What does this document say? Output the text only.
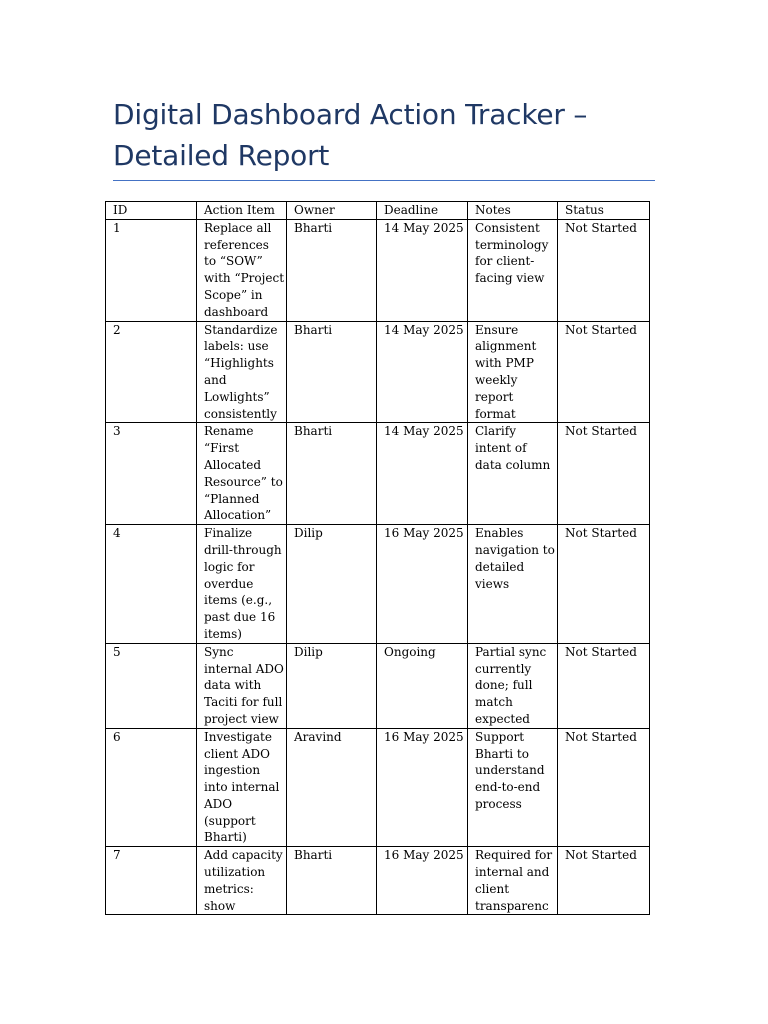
Digital Dashboard Action Tracker – Detailed Report
ID	Action Item	Owner	Deadline	Notes	Status
1	Replace all references to “SOW” with “Project Scope” in dashboard	Bharti	14 May 2025	Consistent terminology for client-facing view	Not Started
2	Standardize labels: use “Highlights and Lowlights” consistently	Bharti	14 May 2025	Ensure alignment with PMP weekly report format	Not Started
3	Rename “First Allocated Resource” to “Planned Allocation”	Bharti	14 May 2025	Clarify intent of data column	Not Started
4	Finalize drill-through logic for overdue items (e.g., past due 16 items)	Dilip	16 May 2025	Enables navigation to detailed views	Not Started
5	Sync internal ADO data with Taciti for full project view	Dilip	Ongoing	Partial sync currently done; full match expected	Not Started
6	Investigate client ADO ingestion into internal ADO (support Bharti)	Aravind	16 May 2025	Support Bharti to understand end-to-end process	Not Started
7	Add capacity utilization metrics: show	Bharti	16 May 2025	Required for internal and client transparenc	Not Started
